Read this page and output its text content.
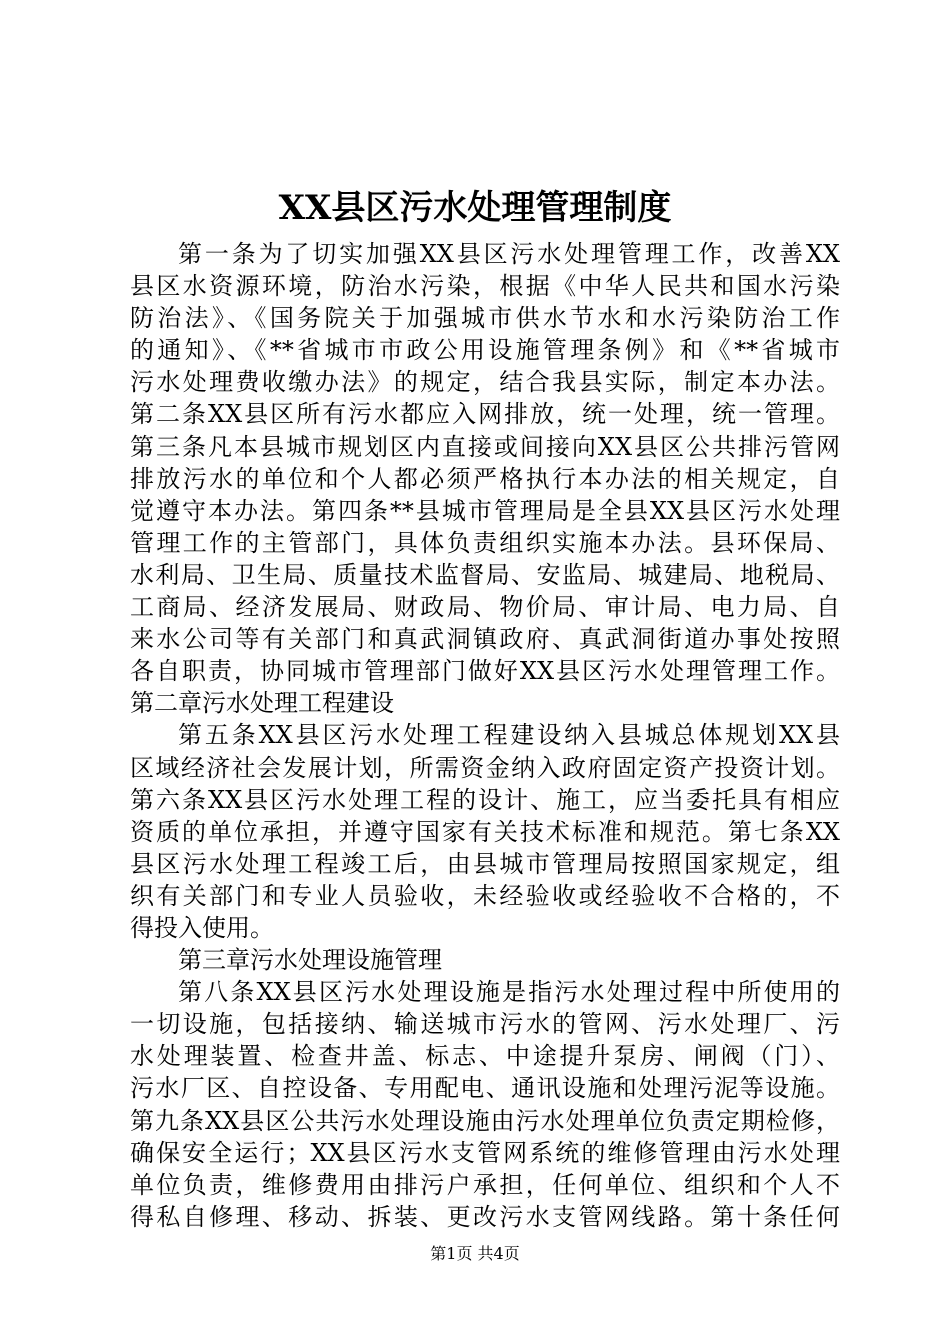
XX县区污水处理管理制度
第一条为了切实加强XX县区污水处理管理工作，改善XX
县区水资源环境，防治水污染，根据《中华人民共和国水污染
防治法》、《国务院关于加强城市供水节水和水污染防治工作
的通知》、《**省城市市政公用设施管理条例》和《**省城市
污水处理费收缴办法》的规定，结合我县实际，制定本办法。
第二条XX县区所有污水都应入网排放，统一处理，统一管理。
第三条凡本县城市规划区内直接或间接向XX县区公共排污管网
排放污水的单位和个人都必须严格执行本办法的相关规定，自
觉遵守本办法。第四条**县城市管理局是全县XX县区污水处理
管理工作的主管部门，具体负责组织实施本办法。县环保局、
水利局、卫生局、质量技术监督局、安监局、城建局、地税局、
工商局、经济发展局、财政局、物价局、审计局、电力局、自
来水公司等有关部门和真武洞镇政府、真武洞街道办事处按照
各自职责，协同城市管理部门做好XX县区污水处理管理工作。
第二章污水处理工程建设
第五条XX县区污水处理工程建设纳入县城总体规划XX县
区域经济社会发展计划，所需资金纳入政府固定资产投资计划。
第六条XX县区污水处理工程的设计、施工，应当委托具有相应
资质的单位承担，并遵守国家有关技术标准和规范。第七条XX
县区污水处理工程竣工后，由县城市管理局按照国家规定，组
织有关部门和专业人员验收，未经验收或经验收不合格的，不
得投入使用。
第三章污水处理设施管理
第八条XX县区污水处理设施是指污水处理过程中所使用的
一切设施，包括接纳、输送城市污水的管网、污水处理厂、污
水处理装置、检查井盖、标志、中途提升泵房、闸阀（门）、
污水厂区、自控设备、专用配电、通讯设施和处理污泥等设施。
第九条XX县区公共污水处理设施由污水处理单位负责定期检修，
确保安全运行；XX县区污水支管网系统的维修管理由污水处理
单位负责，维修费用由排污户承担，任何单位、组织和个人不
得私自修理、移动、拆装、更改污水支管网线路。第十条任何
第1页 共4页
